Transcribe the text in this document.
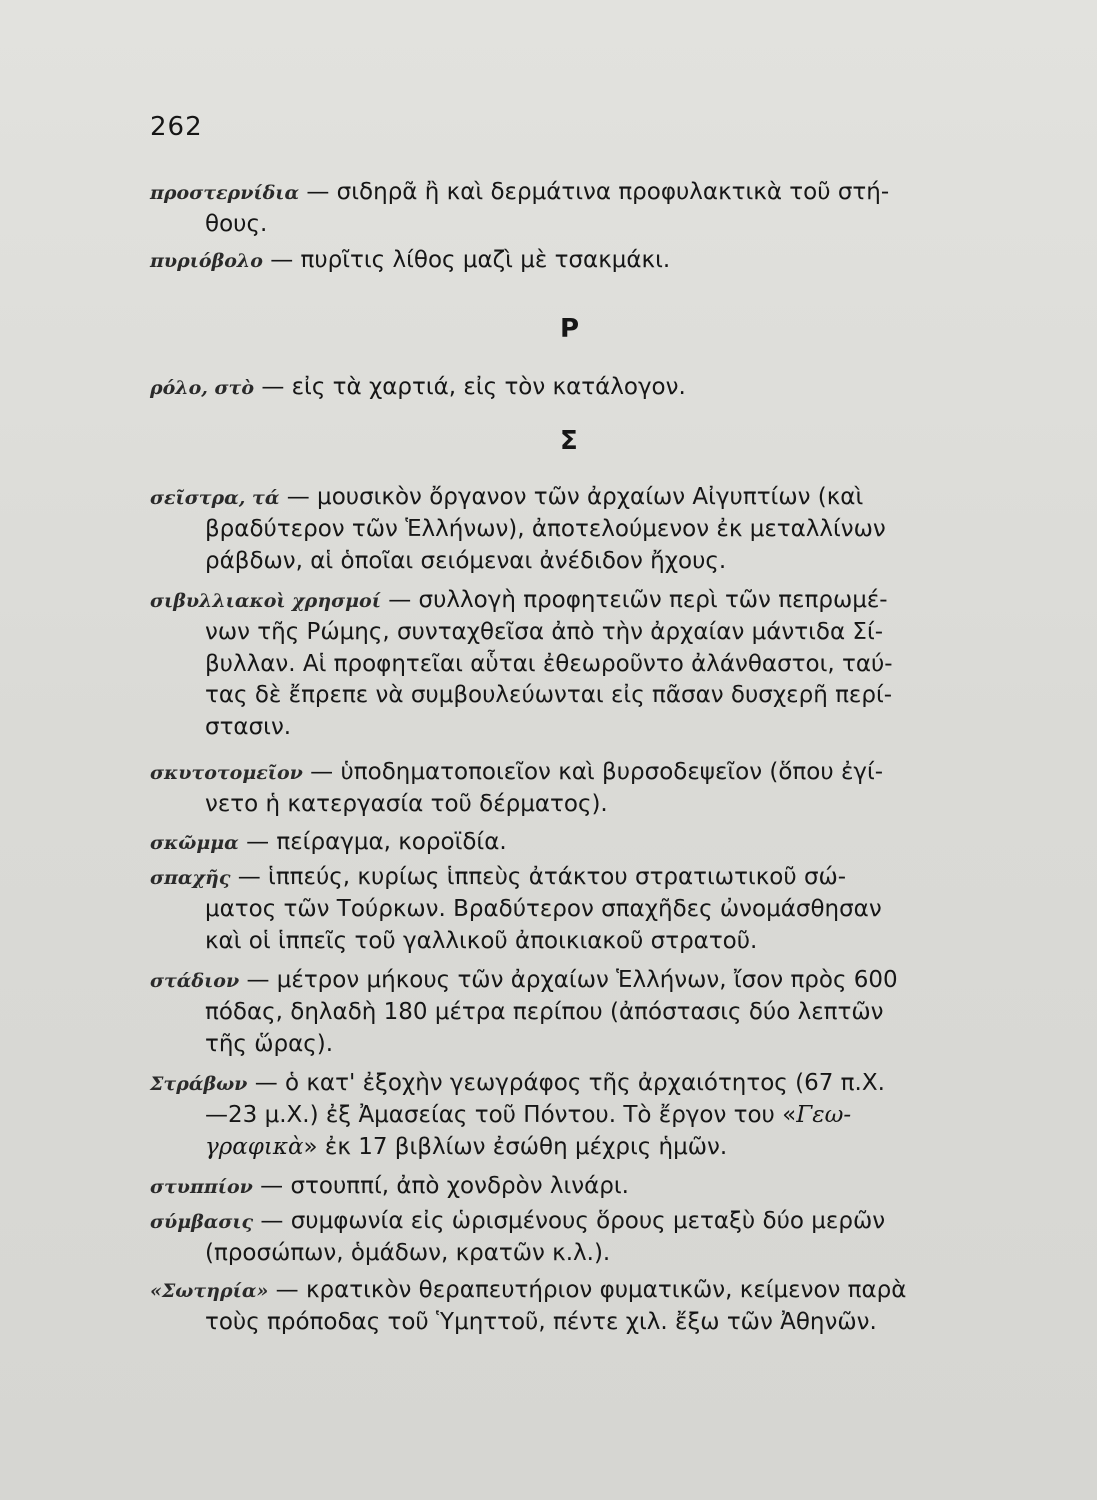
262
προστερνίδια — σιδηρᾶ ἢ καὶ δερμάτινα προφυλακτικὰ τοῦ στή-
θους.
πυριόβολο — πυρῖτις λίθος μαζὶ μὲ τσακμάκι.
Ρ
ρόλο, στὸ — εἰς τὰ χαρτιά, εἰς τὸν κατάλογον.
Σ
σεῖστρα, τά — μουσικὸν ὄργανον τῶν ἀρχαίων Αἰγυπτίων (καὶ
βραδύτερον τῶν Ἑλλήνων), ἀποτελούμενον ἐκ μεταλλίνων
ράβδων, αἱ ὁποῖαι σειόμεναι ἀνέδιδον ἤχους.
σιβυλλιακοὶ χρησμοί — συλλογὴ προφητειῶν περὶ τῶν πεπρωμέ-
νων τῆς Ρώμης, συνταχθεῖσα ἀπὸ τὴν ἀρχαίαν μάντιδα Σί-
βυλλαν. Αἱ προφητεῖαι αὗται ἐθεωροῦντο ἀλάνθαστοι, ταύ-
τας δὲ ἔπρεπε νὰ συμβουλεύωνται εἰς πᾶσαν δυσχερῆ περί-
στασιν.
σκυτοτομεῖον — ὑποδηματοποιεῖον καὶ βυρσοδεψεῖον (ὅπου ἐγί-
νετο ἡ κατεργασία τοῦ δέρματος).
σκῶμμα — πείραγμα, κοροϊδία.
σπαχῆς — ἱππεύς, κυρίως ἱππεὺς ἀτάκτου στρατιωτικοῦ σώ-
ματος τῶν Τούρκων. Βραδύτερον σπαχῆδες ὠνομάσθησαν
καὶ οἱ ἱππεῖς τοῦ γαλλικοῦ ἀποικιακοῦ στρατοῦ.
στάδιον — μέτρον μήκους τῶν ἀρχαίων Ἑλλήνων, ἴσον πρὸς 600
πόδας, δηλαδὴ 180 μέτρα περίπου (ἀπόστασις δύο λεπτῶν
τῆς ὥρας).
Στράβων — ὁ κατ' ἐξοχὴν γεωγράφος τῆς ἀρχαιότητος (67 π.Χ.
—23 μ.Χ.) ἐξ Ἀμασείας τοῦ Πόντου. Τὸ ἔργον του «Γεω-
γραφικὰ» ἐκ 17 βιβλίων ἐσώθη μέχρις ἡμῶν.
στυππίον — στουππί, ἀπὸ χονδρὸν λινάρι.
σύμβασις — συμφωνία εἰς ὡρισμένους ὅρους μεταξὺ δύο μερῶν
(προσώπων, ὁμάδων, κρατῶν κ.λ.).
«Σωτηρία» — κρατικὸν θεραπευτήριον φυματικῶν, κείμενον παρὰ
τοὺς πρόποδας τοῦ Ὑμηττοῦ, πέντε χιλ. ἔξω τῶν Ἀθηνῶν.
